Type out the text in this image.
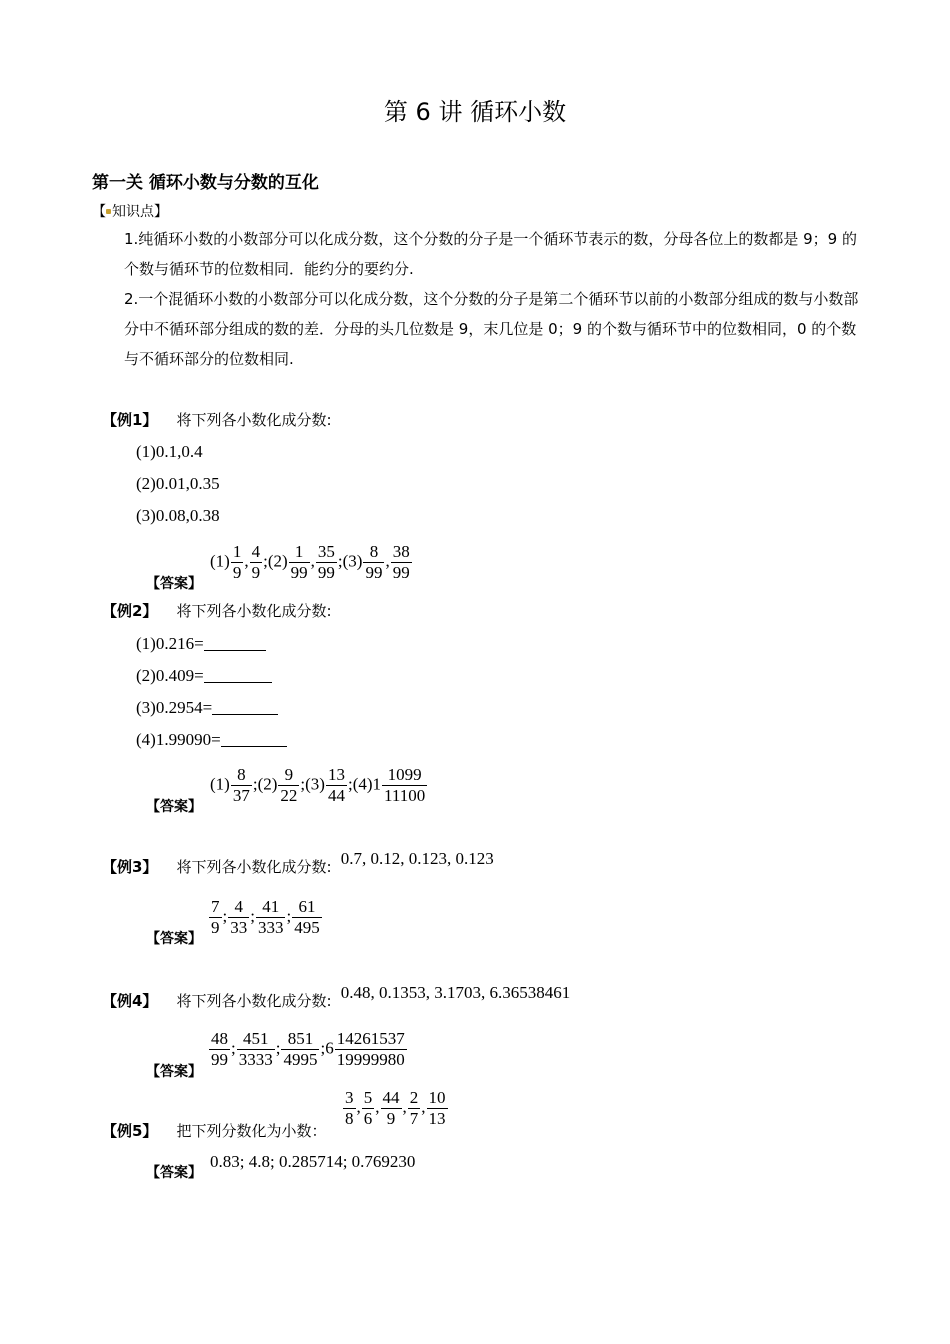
第 6 讲 循环小数
第一关 循环小数与分数的互化
【 知识点】
1.纯循环小数的小数部分可以化成分数，这个分数的分子是一个循环节表示的数，分母各位上的数都是 9；9 的个数与循环节的位数相同．能约分的要约分.
2.一个混循环小数的小数部分可以化成分数，这个分数的分子是第二个循环节以前的小数部分组成的数与小数部分中不循环部分组成的数的差．分母的头几位数是 9，末几位是 0；9 的个数与循环节中的位数相同，0 的个数与不循环部分的位数相同.
【例1】 将下列各小数化成分数:
(1)0.1,0.4
(2)0.01,0.35
(3)0.08,0.38
【答案】
$(1) \frac{1}{9}$ , $\frac{4}{9}$ ;(2) $\frac{1}{99}$ , $\frac{35}{99}$ ;(3) $\frac{8}{99}$ , $\frac{38}{99}$
【例2】 将下列各小数化成分数:
(1)0.216=
(2)0.409=
(3)0.2954=
(4)1.99090=
【答案】
$(1) \frac{8}{37}$ ;(2) $\frac{9}{22}$ ;(3) $\frac{13}{44}$ ;(4)1 $\frac{1099}{11100}$
【例3】 将下列各小数化成分数: 0.7, 0.12, 0.123, 0.123
【答案】
$\frac{7}{9}$ ; $\frac{4}{33}$ ; $\frac{41}{333}$ ; $\frac{61}{495}$
【例4】 将下列各小数化成分数: 0.48, 0.1353, 3.1703, 6.36538461
【答案】
$\frac{48}{99}$ ; $\frac{451}{3333}$ ; $\frac{851}{4995}$ ;6 $\frac{14261537}{19999980}$
【例5】 把下列分数化为小数：
$\frac{3}{8}$ , $\frac{5}{6}$ , $\frac{44}{9}$ , $\frac{2}{7}$ , $\frac{10}{13}$
【答案】
0.83; 4.8; 0.285714; 0.769230
